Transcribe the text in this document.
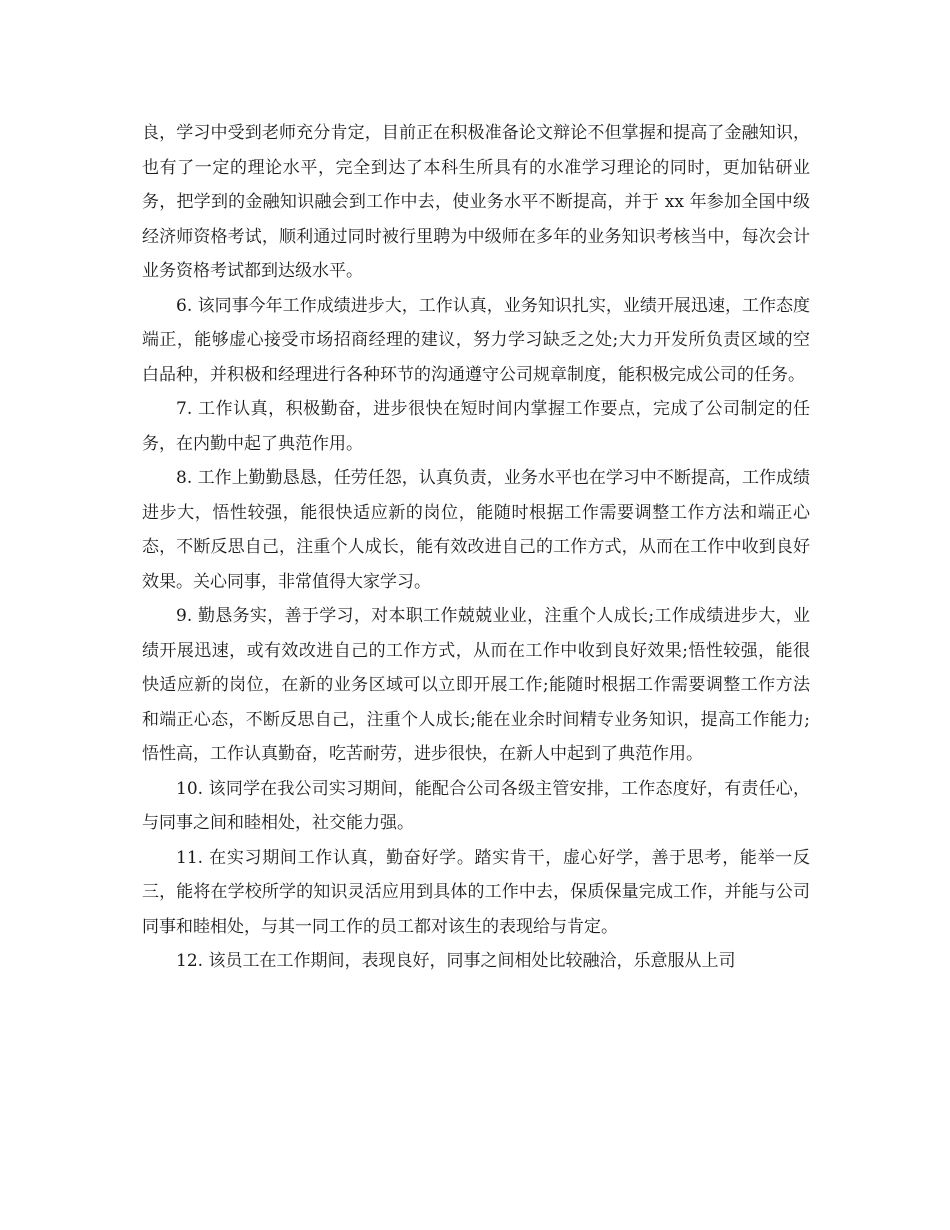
良，学习中受到老师充分肯定，目前正在积极准备论文辩论不但掌握和提高了金融知识，也有了一定的理论水平，完全到达了本科生所具有的水准学习理论的同时，更加钻研业务，把学到的金融知识融会到工作中去，使业务水平不断提高，并于 xx 年参加全国中级经济师资格考试，顺利通过同时被行里聘为中级师在多年的业务知识考核当中，每次会计业务资格考试都到达级水平。

6. 该同事今年工作成绩进步大，工作认真，业务知识扎实，业绩开展迅速，工作态度端正，能够虚心接受市场招商经理的建议，努力学习缺乏之处;大力开发所负责区域的空白品种，并积极和经理进行各种环节的沟通遵守公司规章制度，能积极完成公司的任务。

7. 工作认真，积极勤奋，进步很快在短时间内掌握工作要点，完成了公司制定的任务，在内勤中起了典范作用。

8. 工作上勤勤恳恳，任劳任怨，认真负责，业务水平也在学习中不断提高，工作成绩进步大，悟性较强，能很快适应新的岗位，能随时根据工作需要调整工作方法和端正心态，不断反思自己，注重个人成长，能有效改进自己的工作方式，从而在工作中收到良好效果。关心同事，非常值得大家学习。

9. 勤恳务实，善于学习，对本职工作兢兢业业，注重个人成长;工作成绩进步大，业绩开展迅速，或有效改进自己的工作方式，从而在工作中收到良好效果;悟性较强，能很快适应新的岗位，在新的业务区域可以立即开展工作;能随时根据工作需要调整工作方法和端正心态，不断反思自己，注重个人成长;能在业余时间精专业务知识，提高工作能力;悟性高，工作认真勤奋，吃苦耐劳，进步很快，在新人中起到了典范作用。

10. 该同学在我公司实习期间，能配合公司各级主管安排，工作态度好，有责任心，与同事之间和睦相处，社交能力强。

11. 在实习期间工作认真，勤奋好学。踏实肯干，虚心好学，善于思考，能举一反三，能将在学校所学的知识灵活应用到具体的工作中去，保质保量完成工作，并能与公司同事和睦相处，与其一同工作的员工都对该生的表现给与肯定。

12. 该员工在工作期间，表现良好，同事之间相处比较融洽，乐意服从上司
